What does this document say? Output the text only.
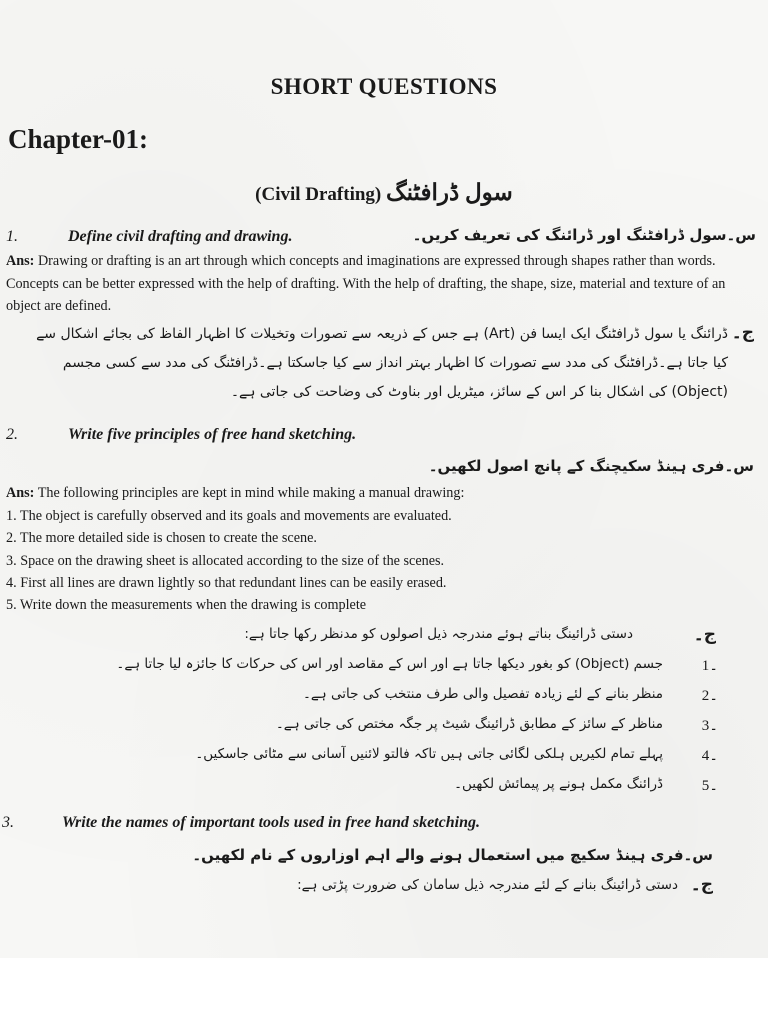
SHORT QUESTIONS
Chapter-01:
(Civil Drafting) سول ڈرافٹنگ
1.	Define civil drafting and drawing.	س۔سول ڈرافٹنگ اور ڈرائنگ کی تعریف کریں۔
Ans: Drawing or drafting is an art through which concepts and imaginations are expressed through shapes rather than words. Concepts can be better expressed with the help of drafting. With the help of drafting, the shape, size, material and texture of an object are defined.
ج۔
ڈرائنگ یا سول ڈرافٹنگ ایک ایسا فن (Art) ہے جس کے ذریعہ سے تصورات وتخیلات کا اظہار الفاظ کی بجائے اشکال سے کیا جاتا ہے۔ڈرافٹنگ کی مدد سے تصورات کا اظہار بہتر انداز سے کیا جاسکتا ہے۔ڈرافٹنگ کی مدد سے کسی مجسم (Object) کی اشکال بنا کر اس کے سائز، میٹریل اور بناوٹ کی وضاحت کی جاتی ہے۔
2.	Write five principles of free hand sketching.
س۔فری ہینڈ سکیچنگ کے پانچ اصول لکھیں۔
Ans: The following principles are kept in mind while making a manual drawing:
1. The object is carefully observed and its goals and movements are evaluated.
2. The more detailed side is chosen to create the scene.
3. Space on the drawing sheet is allocated according to the size of the scenes.
4. First all lines are drawn lightly so that redundant lines can be easily erased.
5. Write down the measurements when the drawing is complete
ج۔
دستی ڈرائینگ بناتے ہوئے مندرجہ ذیل اصولوں کو مدنظر رکھا جاتا ہے:
1۔
جسم (Object) کو بغور دیکھا جاتا ہے اور اس کے مقاصد اور اس کی حرکات کا جائزہ لیا جاتا ہے۔
2۔
منظر بنانے کے لئے زیادہ تفصیل والی طرف منتخب کی جاتی ہے۔
3۔
مناظر کے سائز کے مطابق ڈرائینگ شیٹ پر جگہ مختص کی جاتی ہے۔
4۔
پہلے تمام لکیریں ہلکی لگائی جاتی ہیں تاکہ فالتو لائنیں آسانی سے مٹائی جاسکیں۔
5۔
ڈرائنگ مکمل ہونے پر پیمائش لکھیں۔
3.	Write the names of important tools used in free hand sketching.
س۔فری ہینڈ سکیچ میں استعمال ہونے والے اہم اوزاروں کے نام لکھیں۔
ج۔
دستی ڈرائینگ بنانے کے لئے مندرجہ ذیل سامان کی ضرورت پڑتی ہے:
